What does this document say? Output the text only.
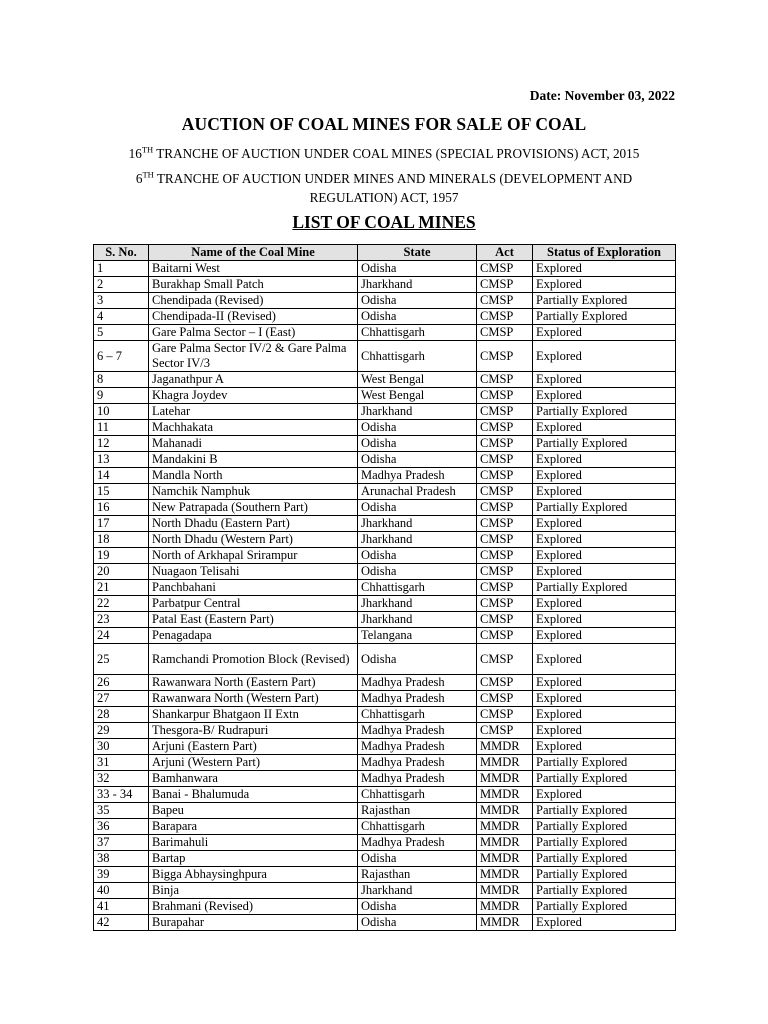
Date: November 03, 2022
AUCTION OF COAL MINES FOR SALE OF COAL
16TH TRANCHE OF AUCTION UNDER COAL MINES (SPECIAL PROVISIONS) ACT, 2015
6TH TRANCHE OF AUCTION UNDER MINES AND MINERALS (DEVELOPMENT AND REGULATION) ACT, 1957
LIST OF COAL MINES
S. No.	Name of the Coal Mine	State	Act	Status of Exploration
1	Baitarni West	Odisha	CMSP	Explored
2	Burakhap Small Patch	Jharkhand	CMSP	Explored
3	Chendipada (Revised)	Odisha	CMSP	Partially Explored
4	Chendipada-II (Revised)	Odisha	CMSP	Partially Explored
5	Gare Palma Sector – I (East)	Chhattisgarh	CMSP	Explored
6 – 7	Gare Palma Sector IV/2 & Gare Palma Sector IV/3	Chhattisgarh	CMSP	Explored
8	Jaganathpur A	West Bengal	CMSP	Explored
9	Khagra Joydev	West Bengal	CMSP	Explored
10	Latehar	Jharkhand	CMSP	Partially Explored
11	Machhakata	Odisha	CMSP	Explored
12	Mahanadi	Odisha	CMSP	Partially Explored
13	Mandakini B	Odisha	CMSP	Explored
14	Mandla North	Madhya Pradesh	CMSP	Explored
15	Namchik Namphuk	Arunachal Pradesh	CMSP	Explored
16	New Patrapada (Southern Part)	Odisha	CMSP	Partially Explored
17	North Dhadu (Eastern Part)	Jharkhand	CMSP	Explored
18	North Dhadu (Western Part)	Jharkhand	CMSP	Explored
19	North of Arkhapal Srirampur	Odisha	CMSP	Explored
20	Nuagaon Telisahi	Odisha	CMSP	Explored
21	Panchbahani	Chhattisgarh	CMSP	Partially Explored
22	Parbatpur Central	Jharkhand	CMSP	Explored
23	Patal East (Eastern Part)	Jharkhand	CMSP	Explored
24	Penagadapa	Telangana	CMSP	Explored
25	Ramchandi Promotion Block (Revised)	Odisha	CMSP	Explored
26	Rawanwara North (Eastern Part)	Madhya Pradesh	CMSP	Explored
27	Rawanwara North (Western Part)	Madhya Pradesh	CMSP	Explored
28	Shankarpur Bhatgaon II Extn	Chhattisgarh	CMSP	Explored
29	Thesgora-B/ Rudrapuri	Madhya Pradesh	CMSP	Explored
30	Arjuni (Eastern Part)	Madhya Pradesh	MMDR	Explored
31	Arjuni (Western Part)	Madhya Pradesh	MMDR	Partially Explored
32	Bamhanwara	Madhya Pradesh	MMDR	Partially Explored
33 - 34	Banai - Bhalumuda	Chhattisgarh	MMDR	Explored
35	Bapeu	Rajasthan	MMDR	Partially Explored
36	Barapara	Chhattisgarh	MMDR	Partially Explored
37	Barimahuli	Madhya Pradesh	MMDR	Partially Explored
38	Bartap	Odisha	MMDR	Partially Explored
39	Bigga Abhaysinghpura	Rajasthan	MMDR	Partially Explored
40	Binja	Jharkhand	MMDR	Partially Explored
41	Brahmani (Revised)	Odisha	MMDR	Partially Explored
42	Burapahar	Odisha	MMDR	Explored
